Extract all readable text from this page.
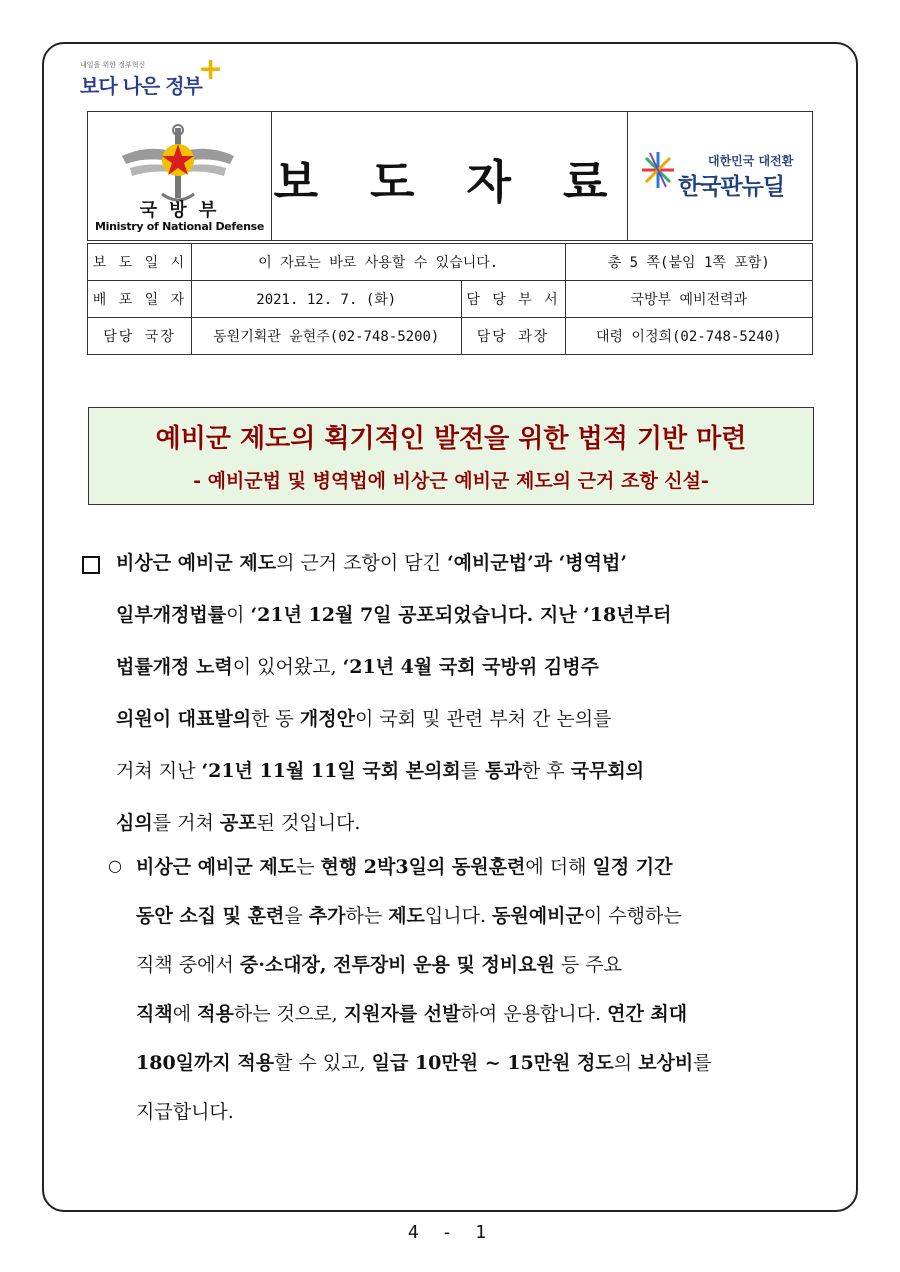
내일을 위한 정부혁신
보다 나은 정부
+
국 방 부
Ministry of National Defense
보 도 자 료	대한민국 대전환
한국판뉴딜
보 도 일 시	이 자료는 바로 사용할 수 있습니다.		총 5 쪽(붙임 1쪽 포함)
배 포 일 자	2021. 12. 7. (화)	담 당 부 서	국방부 예비전력과
담당 국장	동원기획관 윤현주(02-748-5200)	담당 과장	대령 이정희(02-748-5240)
예비군 제도의 획기적인 발전을 위한 법적 기반 마련
- 예비군법 및 병역법에 비상근 예비군 제도의 근거 조항 신설-
비상근 예비군 제도의 근거 조항이 담긴 ‘예비군법’과 ‘병역법’
일부개정법률이 ‘21년 12월 7일 공포되었습니다. 지난 ’18년부터
법률개정 노력이 있어왔고, ‘21년 4월 국회 국방위 김병주
의원이 대표발의한 동 개정안이 국회 및 관련 부처 간 논의를
거쳐 지난 ‘21년 11월 11일 국회 본의회를 통과한 후 국무회의
심의를 거쳐 공포된 것입니다.
○ 비상근 예비군 제도는 현행 2박3일의 동원훈련에 더해 일정 기간
동안 소집 및 훈련을 추가하는 제도입니다. 동원예비군이 수행하는
직책 중에서 중·소대장, 전투장비 운용 및 정비요원 등 주요
직책에 적용하는 것으로, 지원자를 선발하여 운용합니다. 연간 최대
180일까지 적용할 수 있고, 일급 10만원 ~ 15만원 정도의 보상비를
지급합니다.
4 - 1
